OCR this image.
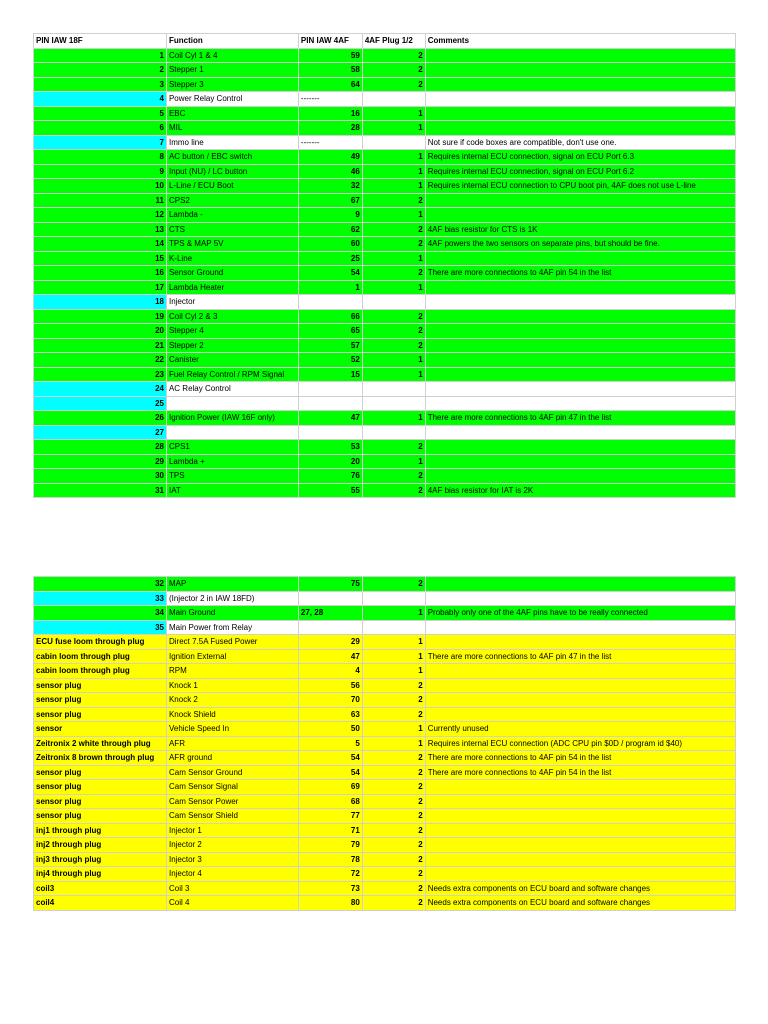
PIN IAW 18F	Function	PIN IAW 4AF	4AF Plug 1/2	Comments
1	Coil Cyl 1 & 4	59	2	
2	Stepper 1	58	2	
3	Stepper 3	64	2	
4	Power Relay Control	-------		
5	EBC	16	1	
6	MIL	28	1	
7	Immo line	-------		Not sure if code boxes are compatible, don't use one.
8	AC button / EBC switch	49	1	Requires internal ECU connection, signal on ECU Port 6.3
9	Input (NU) / LC button	46	1	Requires internal ECU connection, signal on ECU Port 6.2
10	L-Line / ECU Boot	32	1	Requires internal ECU connection to CPU boot pin, 4AF does not use L-line
11	CPS2	67	2	
12	Lambda -	9	1	
13	CTS	62	2	4AF bias resistor for CTS is 1K
14	TPS & MAP 5V	60	2	4AF powers the two sensors on separate pins, but should be fine.
15	K-Line	25	1	
16	Sensor Ground	54	2	There are more connections to 4AF pin 54 in the list
17	Lambda Heater	1	1	
18	Injector			
19	Coil Cyl 2 & 3	66	2	
20	Stepper 4	65	2	
21	Stepper 2	57	2	
22	Canister	52	1	
23	Fuel Relay Control / RPM Signal	15	1	
24	AC Relay Control			
25				
26	Ignition Power (IAW 16F only)	47	1	There are more connections to 4AF pin 47 in the list
27				
28	CPS1	53	2	
29	Lambda +	20	1	
30	TPS	76	2	
31	IAT	55	2	4AF bias resistor for IAT is 2K
32	MAP	75	2	
33	(Injector 2 in IAW 18FD)			
34	Main Ground	27, 28	1	Probably only one of the 4AF pins have to be really connected
35	Main Power from Relay			
ECU fuse loom through plug	Direct 7.5A Fused Power	29	1	
cabin loom through plug	Ignition External	47	1	There are more connections to 4AF pin 47 in the list
cabin loom through plug	RPM	4	1	
sensor plug	Knock 1	56	2	
sensor plug	Knock 2	70	2	
sensor plug	Knock Shield	63	2	
sensor	Vehicle Speed In	50	1	Currently unused
Zeitronix 2 white through plug	AFR	5	1	Requires internal ECU connection (ADC CPU pin $0D / program id $40)
Zeitronix 8 brown through plug	AFR ground	54	2	There are more connections to 4AF pin 54 in the list
sensor plug	Cam Sensor Ground	54	2	There are more connections to 4AF pin 54 in the list
sensor plug	Cam Sensor Signal	69	2	
sensor plug	Cam Sensor Power	68	2	
sensor plug	Cam Sensor Shield	77	2	
inj1 through plug	Injector 1	71	2	
inj2 through plug	Injector 2	79	2	
inj3 through plug	Injector 3	78	2	
inj4 through plug	Injector 4	72	2	
coil3	Coil 3	73	2	Needs extra components on ECU board and software changes
coil4	Coil 4	80	2	Needs extra components on ECU board and software changes
